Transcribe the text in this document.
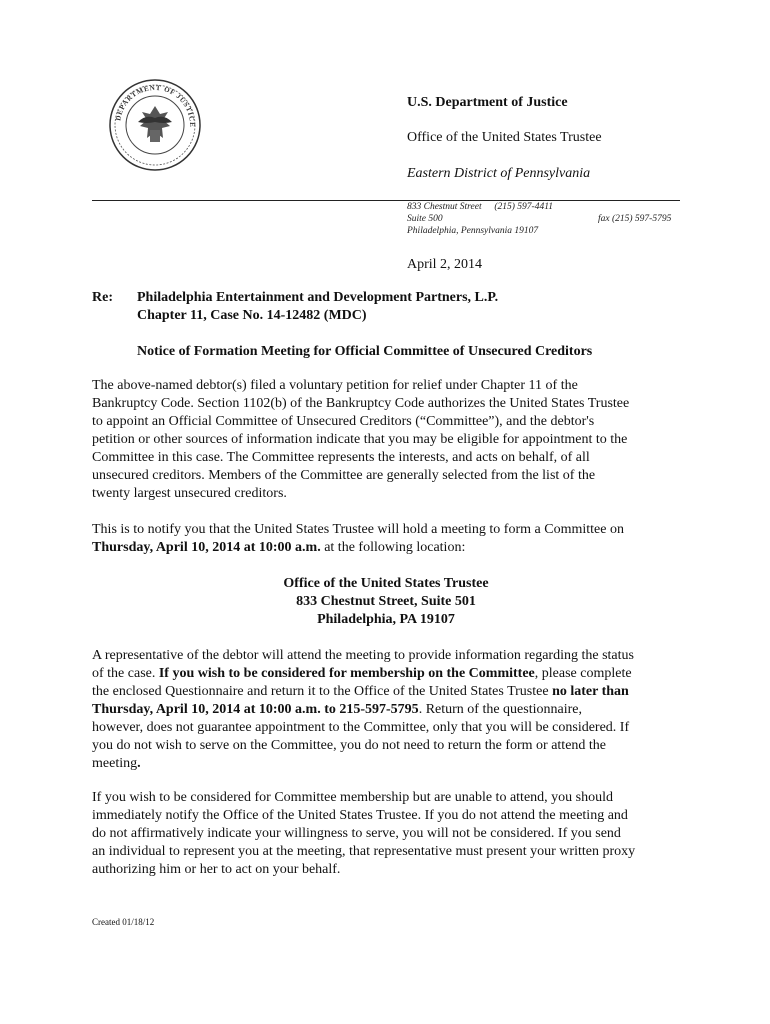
DEPARTMENT OF JUSTICE
U.S. Department of Justice
Office of the United States Trustee
Eastern District of Pennsylvania
833 Chestnut Street (215) 597-4411
Suite 500	fax (215) 597-5795
Philadelphia, Pennsylvania 19107
April 2, 2014
Re: Philadelphia Entertainment and Development Partners, L.P.
Chapter 11, Case No. 14-12482 (MDC)
Notice of Formation Meeting for Official Committee of Unsecured Creditors
The above-named debtor(s) filed a voluntary petition for relief under Chapter 11 of the
Bankruptcy Code. Section 1102(b) of the Bankruptcy Code authorizes the United States Trustee
to appoint an Official Committee of Unsecured Creditors (“Committee”), and the debtor's
petition or other sources of information indicate that you may be eligible for appointment to the
Committee in this case. The Committee represents the interests, and acts on behalf, of all
unsecured creditors. Members of the Committee are generally selected from the list of the
twenty largest unsecured creditors.
This is to notify you that the United States Trustee will hold a meeting to form a Committee on
Thursday, April 10, 2014 at 10:00 a.m. at the following location:
Office of the United States Trustee
833 Chestnut Street, Suite 501
Philadelphia, PA 19107
A representative of the debtor will attend the meeting to provide information regarding the status
of the case. If you wish to be considered for membership on the Committee, please complete
the enclosed Questionnaire and return it to the Office of the United States Trustee no later than
Thursday, April 10, 2014 at 10:00 a.m. to 215-597-5795. Return of the questionnaire,
however, does not guarantee appointment to the Committee, only that you will be considered. If
you do not wish to serve on the Committee, you do not need to return the form or attend the
meeting.
If you wish to be considered for Committee membership but are unable to attend, you should
immediately notify the Office of the United States Trustee. If you do not attend the meeting and
do not affirmatively indicate your willingness to serve, you will not be considered. If you send
an individual to represent you at the meeting, that representative must present your written proxy
authorizing him or her to act on your behalf.
Created 01/18/12
